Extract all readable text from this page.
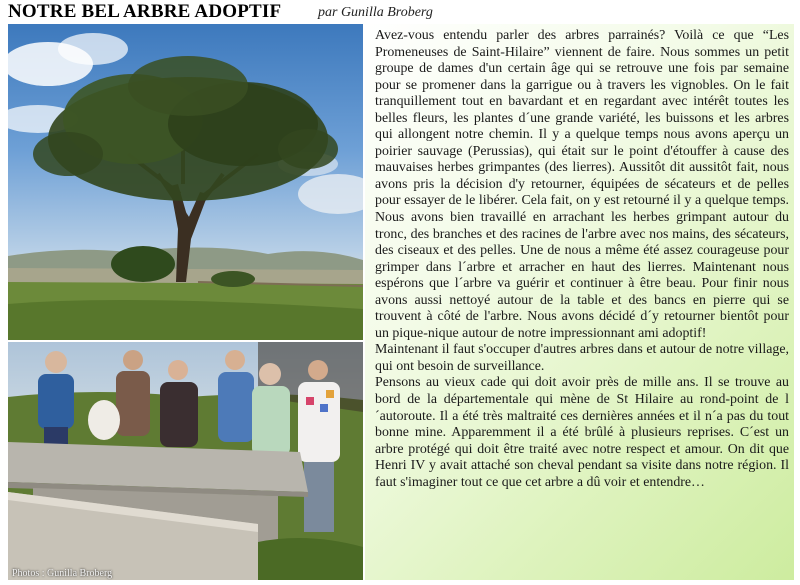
NOTRE BEL ARBRE ADOPTIF	par Gunilla Broberg
Photos : Gunilla Broberg

Avez-vous entendu parler des arbres parrainés? Voilà ce que “Les Promeneuses de Saint-Hilaire” viennent de faire. Nous sommes un petit groupe de dames d'un certain âge qui se retrouve une fois par semaine pour se promener dans la garrigue ou à travers les vignobles. On le fait tranquillement tout en bavardant et en regardant avec intérêt toutes les belles fleurs, les plantes d´une grande variété, les buissons et les arbres qui allongent notre chemin. Il y a quelque temps nous avons aperçu un poirier sauvage (Perussias), qui était sur le point d'étouffer à cause des mauvaises herbes grimpantes (des lierres). Aussitôt dit aussitôt fait, nous avons pris la décision d'y retourner, équipées de sécateurs et de pelles pour essayer de le libérer. Cela fait, on y est retourné il y a quelque temps. Nous avons bien travaillé en arrachant les herbes grimpant autour du tronc, des branches et des racines de l'arbre avec nos mains, des sécateurs, des ciseaux et des pelles. Une de nous a même été assez courageuse pour grimper dans l´arbre et arracher en haut des lierres. Maintenant nous espérons que l´arbre va guérir et continuer à être beau. Pour finir nous avons aussi nettoyé autour de la table et des bancs en pierre qui se trouvent à côté de l'arbre. Nous avons décidé d´y retourner bientôt pour un pique-nique autour de notre impressionnant ami adoptif!

Maintenant il faut s'occuper d'autres arbres dans et autour de notre village, qui ont besoin de surveillance.

Pensons au vieux cade qui doit avoir près de mille ans. Il se trouve au bord de la départementale qui mène de St Hilaire au rond-point de l´autoroute. Il a été très maltraité ces dernières années et il n´a pas du tout bonne mine. Apparemment il a été brûlé à plusieurs reprises. C´est un arbre protégé qui doit être traité avec notre respect et amour. On dit que Henri IV y avait attaché son cheval pendant sa visite dans notre région. Il faut s'imaginer tout ce que cet arbre a dû voir et entendre…
